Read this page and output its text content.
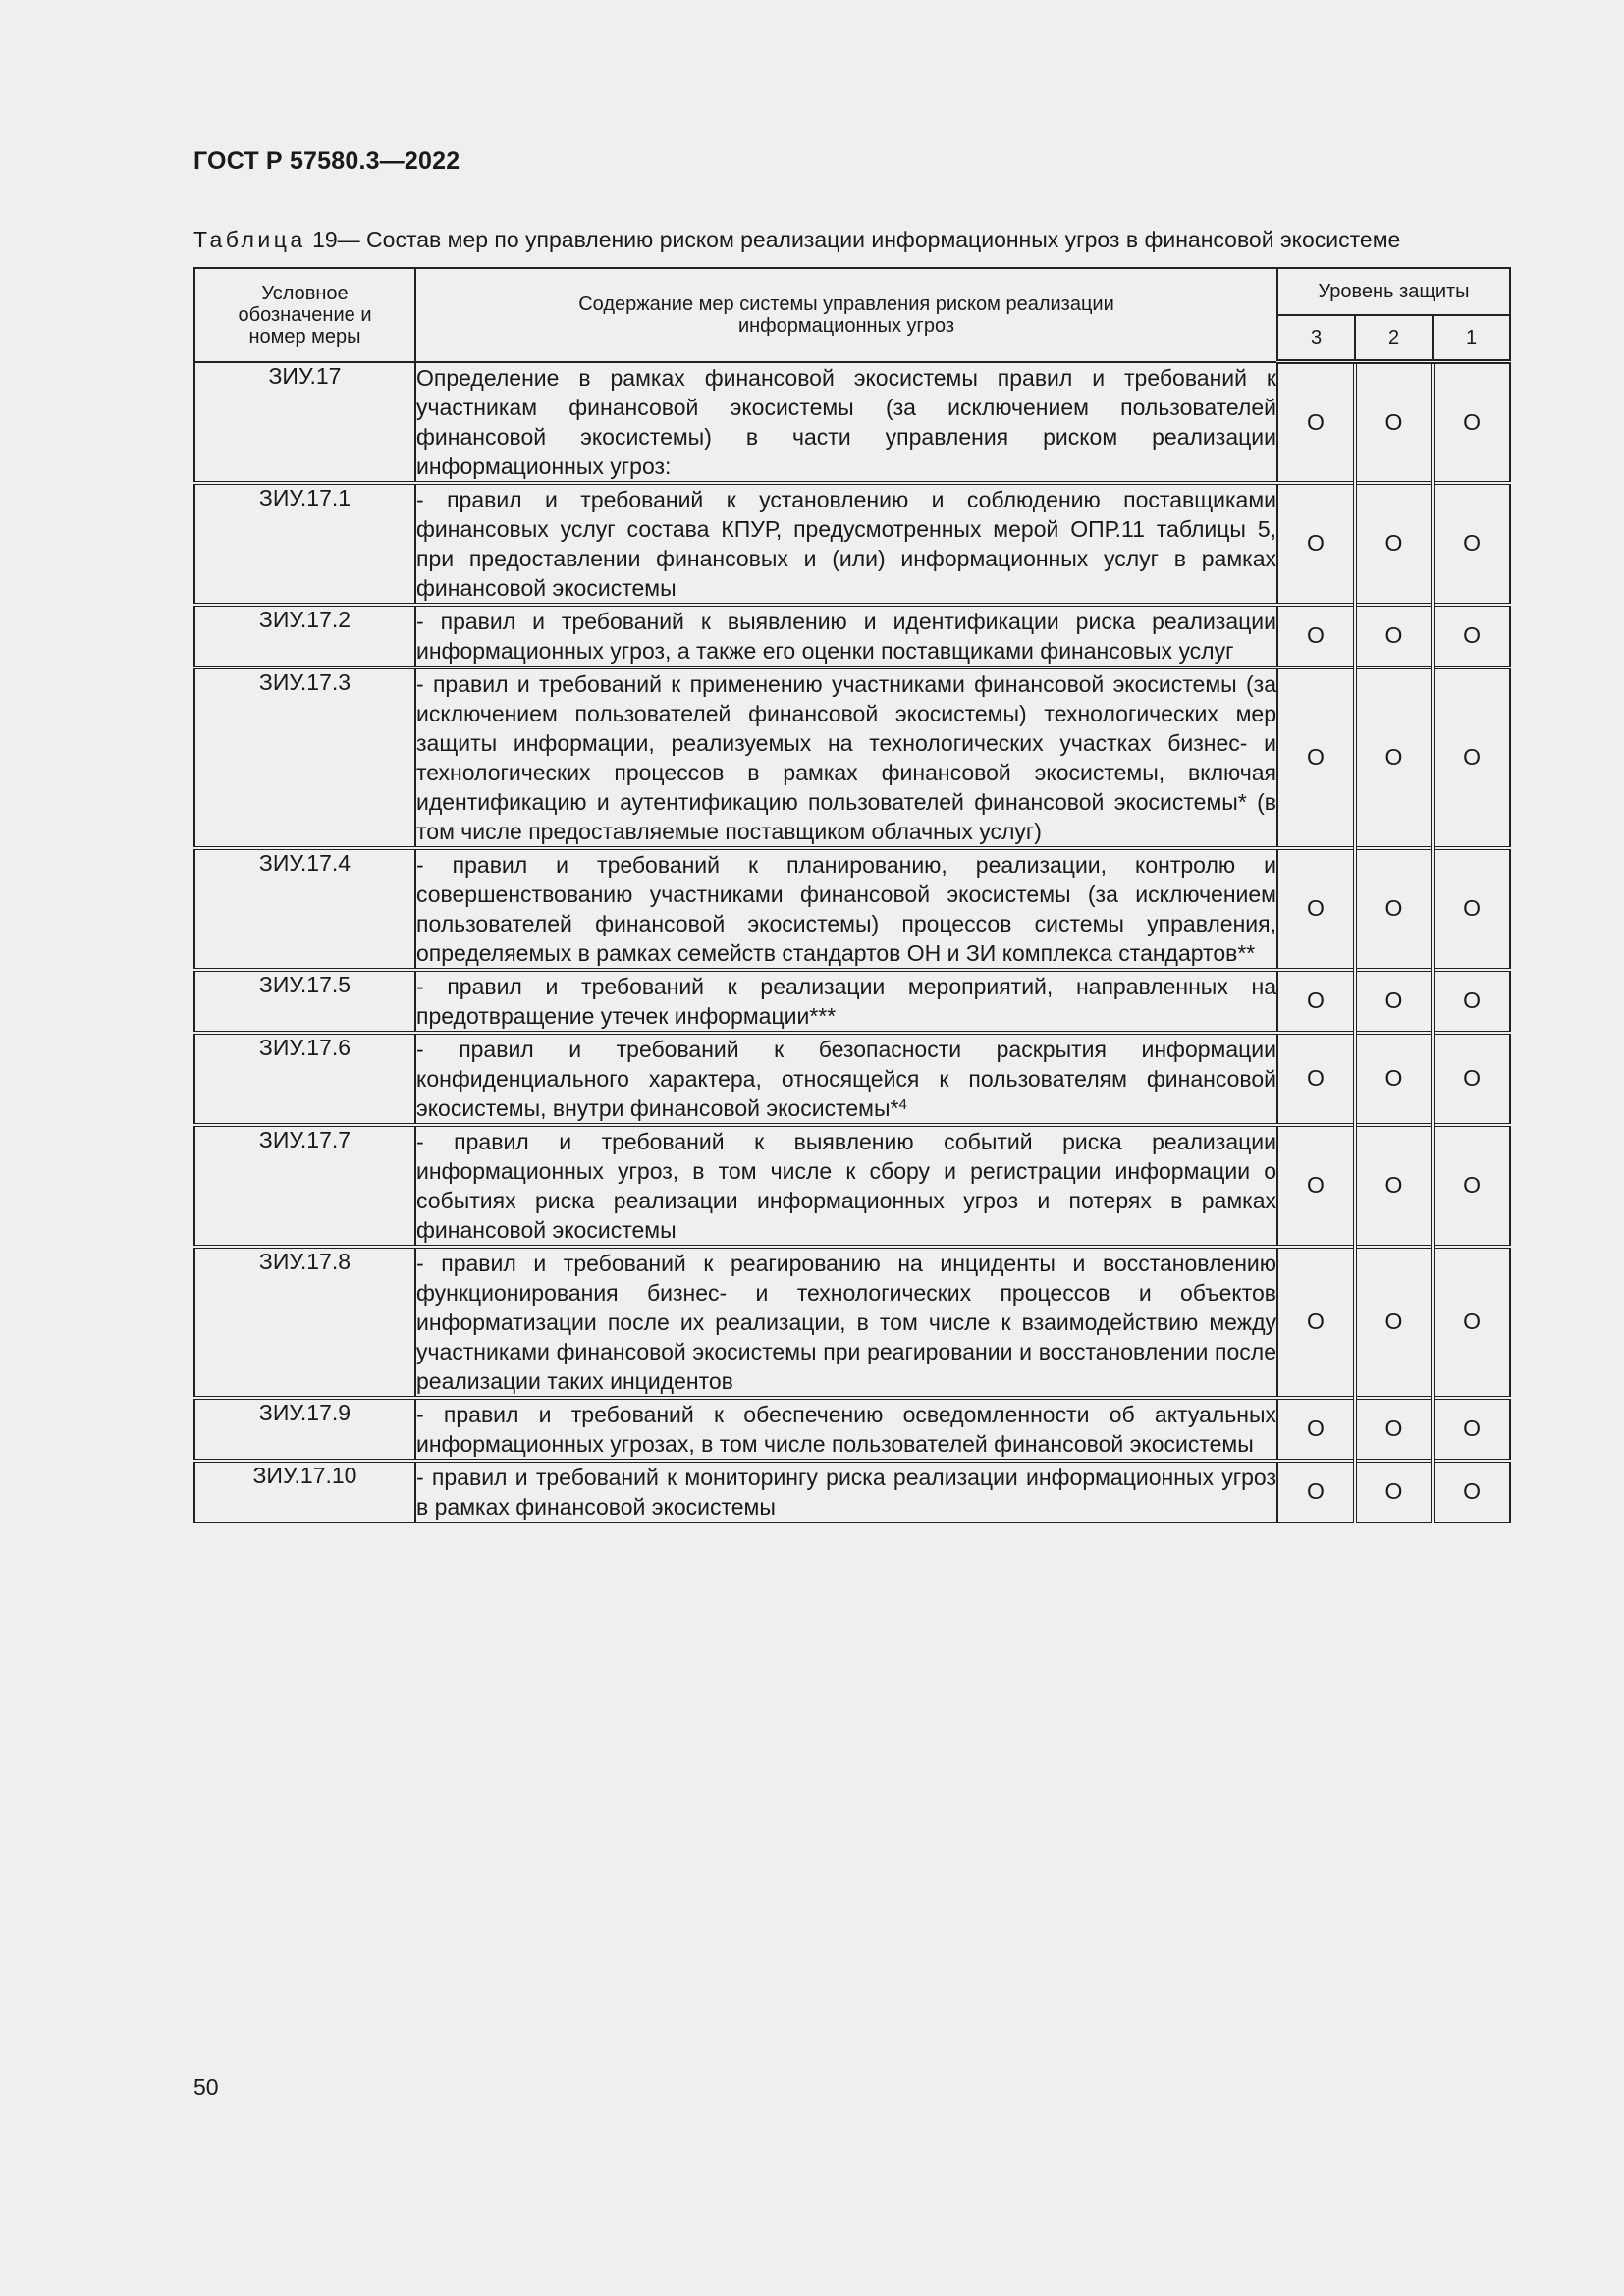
ГОСТ Р 57580.3—2022
Таблица 19— Состав мер по управлению риском реализации информационных угроз в финансовой экосистеме
Условное обозначение и номер меры	Содержание мер системы управления риском реализации информационных угроз	Уровень защиты		
		3	2	1
ЗИУ.17	Определение в рамках финансовой экосистемы правил и требований к участникам финансовой экосистемы (за исключением пользователей финансовой экосистемы) в части управления риском реализации информационных угроз:	О	О	О
ЗИУ.17.1	- правил и требований к установлению и соблюдению поставщиками финансовых услуг состава КПУР, предусмотренных мерой ОПР.11 таблицы 5, при предоставлении финансовых и (или) информационных услуг в рамках финансовой экосистемы	О	О	О
ЗИУ.17.2	- правил и требований к выявлению и идентификации риска реализации информационных угроз, а также его оценки поставщиками финансовых услуг	О	О	О
ЗИУ.17.3	- правил и требований к применению участниками финансовой экосистемы (за исключением пользователей финансовой экосистемы) технологических мер защиты информации, реализуемых на технологических участках бизнес- и технологических процессов в рамках финансовой экосистемы, включая идентификацию и аутентификацию пользователей финансовой экосистемы* (в том числе предоставляемые поставщиком облачных услуг)	О	О	О
ЗИУ.17.4	- правил и требований к планированию, реализации, контролю и совершенствованию участниками финансовой экосистемы (за исключением пользователей финансовой экосистемы) процессов системы управления, определяемых в рамках семейств стандартов ОН и ЗИ комплекса стандартов**	О	О	О
ЗИУ.17.5	- правил и требований к реализации мероприятий, направленных на предотвращение утечек информации***	О	О	О
ЗИУ.17.6	- правил и требований к безопасности раскрытия информации конфиденциального характера, относящейся к пользователям финансовой экосистемы, внутри финансовой экосистемы*$^4$	О	О	О
ЗИУ.17.7	- правил и требований к выявлению событий риска реализации информационных угроз, в том числе к сбору и регистрации информации о событиях риска реализации информационных угроз и потерях в рамках финансовой экосистемы	О	О	О
ЗИУ.17.8	- правил и требований к реагированию на инциденты и восстановлению функционирования бизнес- и технологических процессов и объектов информатизации после их реализации, в том числе к взаимодействию между участниками финансовой экосистемы при реагировании и восстановлении после реализации таких инцидентов	О	О	О
ЗИУ.17.9	- правил и требований к обеспечению осведомленности об актуальных информационных угрозах, в том числе пользователей финансовой экосистемы	О	О	О
ЗИУ.17.10	- правил и требований к мониторингу риска реализации информационных угроз в рамках финансовой экосистемы	О	О	О
50
